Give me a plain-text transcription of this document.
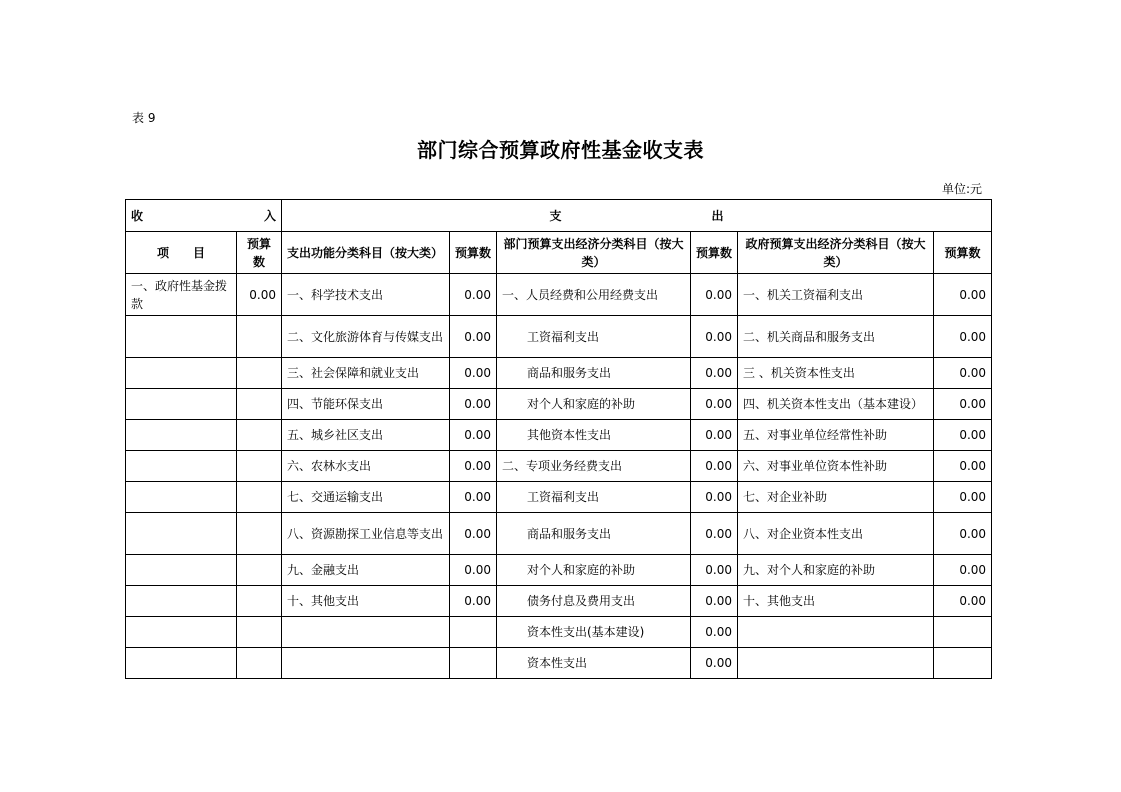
表 9
部门综合预算政府性基金收支表
单位:元
收 入		支 出					

项　　目	预算数	支出功能分类科目（按大类）	预算数	部门预算支出经济分类科目（按大类）	预算数	政府预算支出经济分类科目（按大类）	预算数
一、政府性基金拨款	0.00	一、科学技术支出	0.00	一、人员经费和公用经费支出	0.00	一、机关工资福利支出	0.00
		二、文化旅游体育与传媒支出	0.00	工资福利支出	0.00	二、机关商品和服务支出	0.00
		三、社会保障和就业支出	0.00	商品和服务支出	0.00	三 、机关资本性支出	0.00
		四、节能环保支出	0.00	对个人和家庭的补助	0.00	四、机关资本性支出（基本建设）	0.00
		五、城乡社区支出	0.00	其他资本性支出	0.00	五、对事业单位经常性补助	0.00
		六、农林水支出	0.00	二、专项业务经费支出	0.00	六、对事业单位资本性补助	0.00
		七、交通运输支出	0.00	工资福利支出	0.00	七、对企业补助	0.00
		八、资源勘探工业信息等支出	0.00	商品和服务支出	0.00	八、对企业资本性支出	0.00
		九、金融支出	0.00	对个人和家庭的补助	0.00	九、对个人和家庭的补助	0.00
		十、其他支出	0.00	债务付息及费用支出	0.00	十、其他支出	0.00
				资本性支出(基本建设)	0.00		
				资本性支出	0.00		
